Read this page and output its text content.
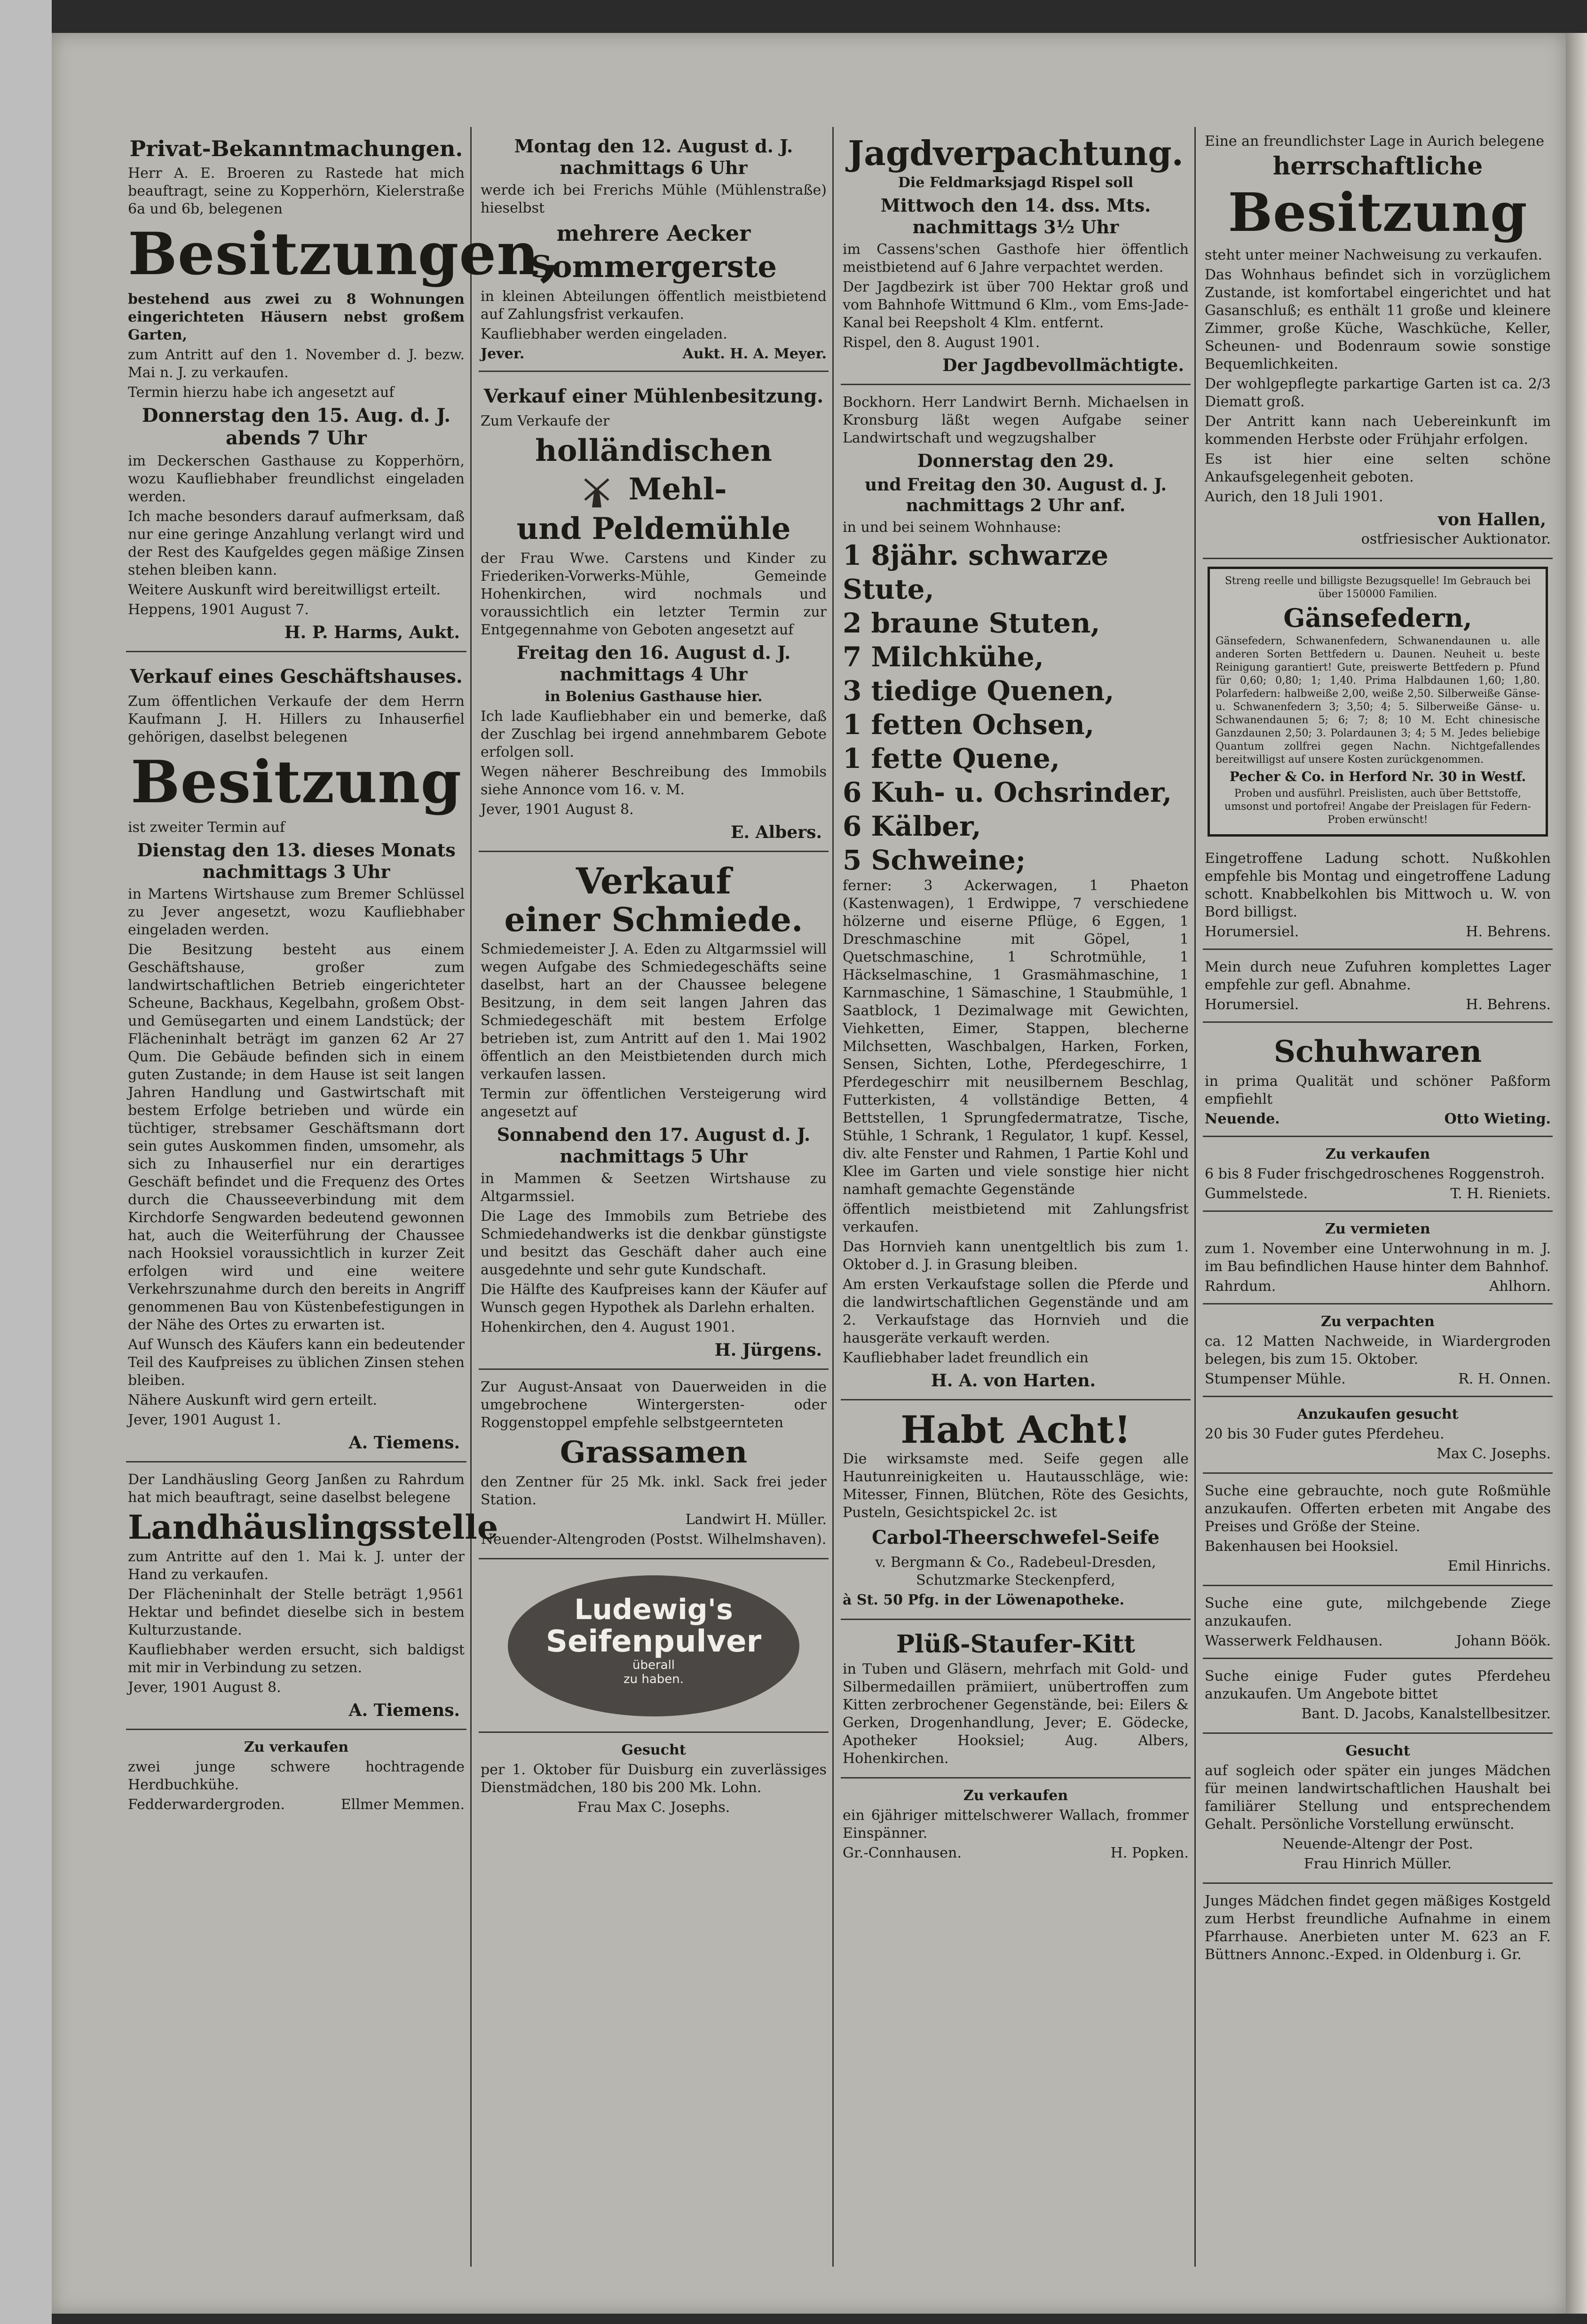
Privat-Bekanntmachungen.

Herr A. E. Broeren zu Rastede hat mich beauftragt, seine zu Kopperhörn, Kielerstraße 6a und 6b, belegenen

Besitzungen,

bestehend aus zwei zu 8 Wohnungen eingerichteten Häusern nebst großem Garten,

zum Antritt auf den 1. November d. J. bezw. Mai n. J. zu verkaufen.

Termin hierzu habe ich angesetzt auf

Donnerstag den 15. Aug. d. J. abends 7 Uhr

im Deckerschen Gasthause zu Kopperhörn, wozu Kaufliebhaber freundlichst eingeladen werden.

Ich mache besonders darauf aufmerksam, daß nur eine geringe Anzahlung verlangt wird und der Rest des Kaufgeldes gegen mäßige Zinsen stehen bleiben kann.

Weitere Auskunft wird bereitwilligst erteilt.

Heppens, 1901 August 7.

H. P. Harms, Aukt.

Verkauf eines Geschäftshauses.

Zum öffentlichen Verkaufe der dem Herrn Kaufmann J. H. Hillers zu Inhauserfiel gehörigen, daselbst belegenen

Besitzung

ist zweiter Termin auf

Dienstag den 13. dieses Monats nachmittags 3 Uhr

in Martens Wirtshause zum Bremer Schlüssel zu Jever angesetzt, wozu Kaufliebhaber eingeladen werden.

Die Besitzung besteht aus einem Geschäftshause, großer zum landwirtschaftlichen Betrieb eingerichteter Scheune, Backhaus, Kegelbahn, großem Obst- und Gemüsegarten und einem Landstück; der Flächeninhalt beträgt im ganzen 62 Ar 27 Qum. Die Gebäude befinden sich in einem guten Zustande; in dem Hause ist seit langen Jahren Handlung und Gastwirtschaft mit bestem Erfolge betrieben und würde ein tüchtiger, strebsamer Geschäftsmann dort sein gutes Auskommen finden, umsomehr, als sich zu Inhauserfiel nur ein derartiges Geschäft befindet und die Frequenz des Ortes durch die Chausseeverbindung mit dem Kirchdorfe Sengwarden bedeutend gewonnen hat, auch die Weiterführung der Chaussee nach Hooksiel voraussichtlich in kurzer Zeit erfolgen wird und eine weitere Verkehrszunahme durch den bereits in Angriff genommenen Bau von Küstenbefestigungen in der Nähe des Ortes zu erwarten ist.

Auf Wunsch des Käufers kann ein bedeutender Teil des Kaufpreises zu üblichen Zinsen stehen bleiben.

Nähere Auskunft wird gern erteilt.

Jever, 1901 August 1.

A. Tiemens.

Der Landhäusling Georg Janßen zu Rahrdum hat mich beauftragt, seine daselbst belegene

Landhäuslingsstelle

zum Antritte auf den 1. Mai k. J. unter der Hand zu verkaufen.

Der Flächeninhalt der Stelle beträgt 1,9561 Hektar und befindet dieselbe sich in bestem Kulturzustande.

Kaufliebhaber werden ersucht, sich baldigst mit mir in Verbindung zu setzen.

Jever, 1901 August 8.

A. Tiemens.

Zu verkaufen

zwei junge schwere hochtragende Herdbuchkühe.

Fedderwardergroden.	Ellmer Memmen.

Montag den 12. August d. J. nachmittags 6 Uhr

werde ich bei Frerichs Mühle (Mühlenstraße) hieselbst

mehrere Aecker

Sommergerste

in kleinen Abteilungen öffentlich meistbietend auf Zahlungsfrist verkaufen.

Kaufliebhaber werden eingeladen.

Jever.	Aukt. H. A. Meyer.

Verkauf einer Mühlenbesitzung.

Zum Verkaufe der

holländischen

Mehl-

und Peldemühle

der Frau Wwe. Carstens und Kinder zu Friederiken-Vorwerks-Mühle, Gemeinde Hohenkirchen, wird nochmals und voraussichtlich ein letzter Termin zur Entgegennahme von Geboten angesetzt auf

Freitag den 16. August d. J. nachmittags 4 Uhr

in Bolenius Gasthause hier.

Ich lade Kaufliebhaber ein und bemerke, daß der Zuschlag bei irgend annehmbarem Gebote erfolgen soll.

Wegen näherer Beschreibung des Immobils siehe Annonce vom 16. v. M.

Jever, 1901 August 8.

E. Albers.

Verkauf

einer Schmiede.

Schmiedemeister J. A. Eden zu Altgarmssiel will wegen Aufgabe des Schmiedegeschäfts seine daselbst, hart an der Chaussee belegene Besitzung, in dem seit langen Jahren das Schmiedegeschäft mit bestem Erfolge betrieben ist, zum Antritt auf den 1. Mai 1902 öffentlich an den Meistbietenden durch mich verkaufen lassen.

Termin zur öffentlichen Versteigerung wird angesetzt auf

Sonnabend den 17. August d. J. nachmittags 5 Uhr

in Mammen & Seetzen Wirtshause zu Altgarmssiel.

Die Lage des Immobils zum Betriebe des Schmiedehandwerks ist die denkbar günstigste und besitzt das Geschäft daher auch eine ausgedehnte und sehr gute Kundschaft.

Die Hälfte des Kaufpreises kann der Käufer auf Wunsch gegen Hypothek als Darlehn erhalten.

Hohenkirchen, den 4. August 1901.

H. Jürgens.

Zur August-Ansaat von Dauerweiden in die umgebrochene Wintergersten- oder Roggenstoppel empfehle selbstgeernteten

Grassamen

den Zentner für 25 Mk. inkl. Sack frei jeder Station.

Landwirt H. Müller.

Neuender-Altengroden (Postst. Wilhelmshaven).

Ludewig's
Seifenpulver
überall
zu haben.

Gesucht

per 1. Oktober für Duisburg ein zuverlässiges Dienstmädchen, 180 bis 200 Mk. Lohn.

Frau Max C. Josephs.

Jagdverpachtung.

Die Feldmarksjagd Rispel soll

Mittwoch den 14. dss. Mts. nachmittags 3½ Uhr

im Cassens'schen Gasthofe hier öffentlich meistbietend auf 6 Jahre verpachtet werden.

Der Jagdbezirk ist über 700 Hektar groß und vom Bahnhofe Wittmund 6 Klm., vom Ems-Jade-Kanal bei Reepsholt 4 Klm. entfernt.

Rispel, den 8. August 1901.

Der Jagdbevollmächtigte.

Bockhorn. Herr Landwirt Bernh. Michaelsen in Kronsburg läßt wegen Aufgabe seiner Landwirtschaft und wegzugshalber

Donnerstag den 29.

und Freitag den 30. August d. J. nachmittags 2 Uhr anf.

in und bei seinem Wohnhause:

1 8jähr. schwarze Stute,

2 braune Stuten,

7 Milchkühe,

3 tiedige Quenen,

1 fetten Ochsen,

1 fette Quene,

6 Kuh- u. Ochsrinder,

6 Kälber,

5 Schweine;

ferner: 3 Ackerwagen, 1 Phaeton (Kastenwagen), 1 Erdwippe, 7 verschiedene hölzerne und eiserne Pflüge, 6 Eggen, 1 Dreschmaschine mit Göpel, 1 Quetschmaschine, 1 Schrotmühle, 1 Häckselmaschine, 1 Grasmähmaschine, 1 Karnmaschine, 1 Sämaschine, 1 Staubmühle, 1 Saatblock, 1 Dezimalwage mit Gewichten, Viehketten, Eimer, Stappen, blecherne Milchsetten, Waschbalgen, Harken, Forken, Sensen, Sichten, Lothe, Pferdegeschirre, 1 Pferdegeschirr mit neusilbernem Beschlag, Futterkisten, 4 vollständige Betten, 4 Bettstellen, 1 Sprungfedermatratze, Tische, Stühle, 1 Schrank, 1 Regulator, 1 kupf. Kessel, div. alte Fenster und Rahmen, 1 Partie Kohl und Klee im Garten und viele sonstige hier nicht namhaft gemachte Gegenstände

öffentlich meistbietend mit Zahlungsfrist verkaufen.

Das Hornvieh kann unentgeltlich bis zum 1. Oktober d. J. in Grasung bleiben.

Am ersten Verkaufstage sollen die Pferde und die landwirtschaftlichen Gegenstände und am 2. Verkaufstage das Hornvieh und die hausgeräte verkauft werden.

Kaufliebhaber ladet freundlich ein

H. A. von Harten.

Habt Acht!

Die wirksamste med. Seife gegen alle Hautunreinigkeiten u. Hautausschläge, wie: Mitesser, Finnen, Blütchen, Röte des Gesichts, Pusteln, Gesichtspickel 2c. ist

Carbol-Theerschwefel-Seife

v. Bergmann & Co., Radebeul-Dresden, Schutzmarke Steckenpferd,

à St. 50 Pfg. in der Löwenapotheke.

Plüß-Staufer-Kitt

in Tuben und Gläsern, mehrfach mit Gold- und Silbermedaillen prämiiert, unübertroffen zum Kitten zerbrochener Gegenstände, bei: Eilers & Gerken, Drogenhandlung, Jever; E. Gödecke, Apotheker Hooksiel; Aug. Albers, Hohenkirchen.

Zu verkaufen

ein 6jähriger mittelschwerer Wallach, frommer Einspänner.

Gr.-Connhausen.	H. Popken.

Eine an freundlichster Lage in Aurich belegene

herrschaftliche

Besitzung

steht unter meiner Nachweisung zu verkaufen.

Das Wohnhaus befindet sich in vorzüglichem Zustande, ist komfortabel eingerichtet und hat Gasanschluß; es enthält 11 große und kleinere Zimmer, große Küche, Waschküche, Keller, Scheunen- und Bodenraum sowie sonstige Bequemlichkeiten.

Der wohlgepflegte parkartige Garten ist ca. 2/3 Diematt groß.

Der Antritt kann nach Uebereinkunft im kommenden Herbste oder Frühjahr erfolgen.

Es ist hier eine selten schöne Ankaufsgelegenheit geboten.

Aurich, den 18 Juli 1901.

von Hallen,

ostfriesischer Auktionator.

Streng reelle und billigste Bezugsquelle! Im Gebrauch bei über 150000 Familien.

Gänsefedern,

Gänsefedern, Schwanenfedern, Schwanendaunen u. alle anderen Sorten Bettfedern u. Daunen. Neuheit u. beste Reinigung garantiert! Gute, preiswerte Bettfedern p. Pfund für 0,60; 0,80; 1; 1,40. Prima Halbdaunen 1,60; 1,80. Polarfedern: halbweiße 2,00, weiße 2,50. Silberweiße Gänse- u. Schwanenfedern 3; 3,50; 4; 5. Silberweiße Gänse- u. Schwanendaunen 5; 6; 7; 8; 10 M. Echt chinesische Ganzdaunen 2,50; 3. Polardaunen 3; 4; 5 M. Jedes beliebige Quantum zollfrei gegen Nachn. Nichtgefallendes bereitwilligst auf unsere Kosten zurückgenommen.

Pecher & Co. in Herford Nr. 30 in Westf.

Proben und ausführl. Preislisten, auch über Bettstoffe, umsonst und portofrei! Angabe der Preislagen für Federn-Proben erwünscht!

Eingetroffene Ladung schott. Nußkohlen empfehle bis Montag und eingetroffene Ladung schott. Knabbelkohlen bis Mittwoch u. W. von Bord billigst.

Horumersiel.	H. Behrens.

Mein durch neue Zufuhren komplettes Lager empfehle zur gefl. Abnahme.

Horumersiel.	H. Behrens.

Schuhwaren

in prima Qualität und schöner Paßform empfiehlt

Neuende.	Otto Wieting.

Zu verkaufen

6 bis 8 Fuder frischgedroschenes Roggenstroh.

Gummelstede.	T. H. Rieniets.

Zu vermieten

zum 1. November eine Unterwohnung in m. J. im Bau befindlichen Hause hinter dem Bahnhof.

Rahrdum.	Ahlhorn.

Zu verpachten

ca. 12 Matten Nachweide, in Wiardergroden belegen, bis zum 15. Oktober.

Stumpenser Mühle.	R. H. Onnen.

Anzukaufen gesucht

20 bis 30 Fuder gutes Pferdeheu.

Max C. Josephs.

Suche eine gebrauchte, noch gute Roßmühle anzukaufen. Offerten erbeten mit Angabe des Preises und Größe der Steine.

Bakenhausen bei Hooksiel.

Emil Hinrichs.

Suche eine gute, milchgebende Ziege anzukaufen.

Wasserwerk Feldhausen.	Johann Böök.

Suche einige Fuder gutes Pferdeheu anzukaufen. Um Angebote bittet

Bant. D. Jacobs, Kanalstellbesitzer.

Gesucht

auf sogleich oder später ein junges Mädchen für meinen landwirtschaftlichen Haushalt bei familiärer Stellung und entsprechendem Gehalt. Persönliche Vorstellung erwünscht.

Neuende-Altengr der Post.

Frau Hinrich Müller.

Junges Mädchen findet gegen mäßiges Kostgeld zum Herbst freundliche Aufnahme in einem Pfarrhause. Anerbieten unter M. 623 an F. Büttners Annonc.-Exped. in Oldenburg i. Gr.
